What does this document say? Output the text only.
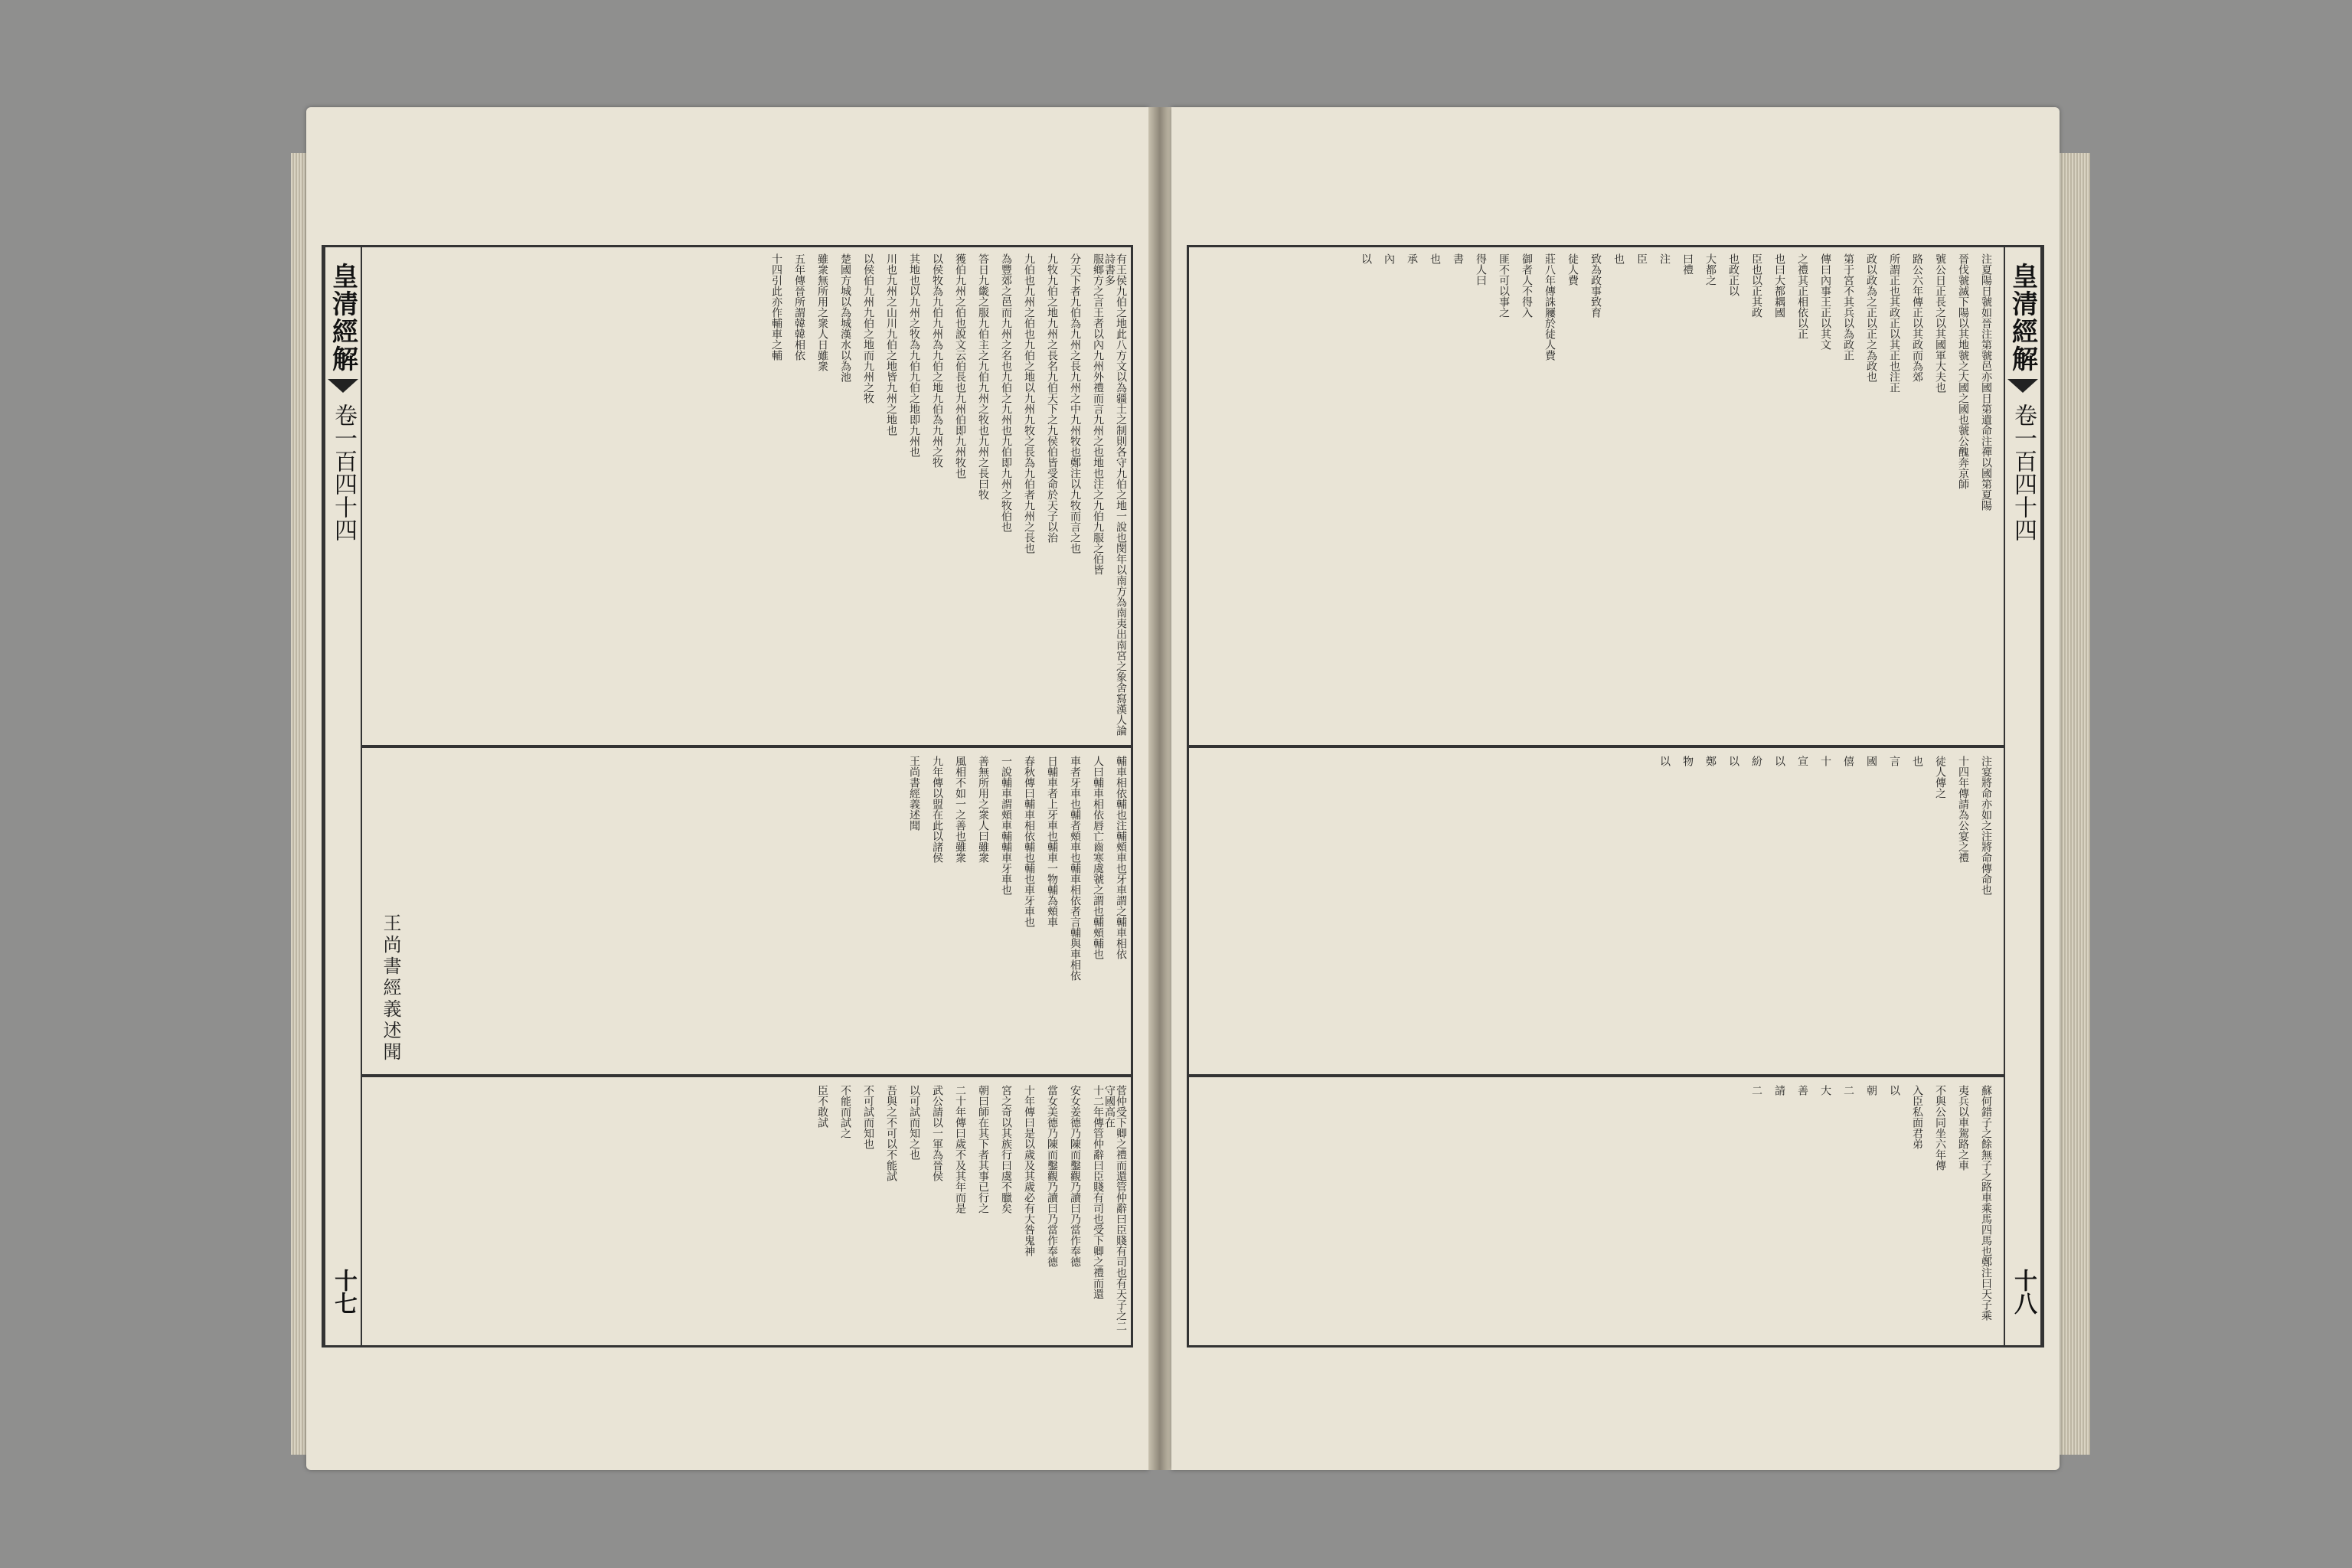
皇清經解
卷一百四十四
十七
有王侯九伯之地此八方文以為疆土之制則各守九伯之地一說也閔年以南方為南夷出南宮之象舍寫漢人論詩書多
服鄉方之言王者以內九州外禮而言九州之也地也注之九伯九服之伯皆
分天下者九伯為九州之長九州之中九州牧也鄭注以九牧而言之也
九牧九伯之地九州之長名九伯天下之九侯伯皆受命於天子以治
九伯也九州之伯也九伯之地以九州九牧之長為九伯者九州之長也
為豐郊之邑而九州之名也九伯之九州也九伯即九州之牧伯也
答日九畿之服九伯主之九伯九州之牧也九州之長曰牧
獲伯九州之伯也說文云伯長也九州伯即九州牧也
以侯牧為九伯九州為九伯之地九伯為九州之牧
其地也以九州之牧為九伯九伯之地即九州也
川也九州之山川九伯之地皆九州之地也
以侯伯九州九伯之地而九州之牧
楚國方城以為城漢水以為池
雖衆無所用之衆人日雖衆
五年傳晉所謂韓韓相依
十四引此亦作輔車之輔
輔車相依輔也注輔頰車也牙車謂之輔車相依
人曰輔車相依唇亡齒寒虞虢之謂也輔頰輔也
車者牙車也輔者頰車也輔車相依者言輔與車相依
日輔車者上牙車也輔車一物輔為頰車
春秋傳曰輔車相依輔也輔也車牙車也
一說輔車謂頰車輔輔車牙車也
善無所用之衆人曰雖衆
風相不如一之善也雖衆
九年傳以盟在此以諸侯
王尚書經義述聞
菅仲受下卿之禮而還管仲辭曰臣賤有司也有天子之二守國高在
十二年傳管仲辭曰臣賤有司也受下卿之禮而還
安女姜德乃陳而鑿觀乃讀曰乃當作奉德
當女美德乃陳而鑿觀乃讀曰乃當作奉德
十年傳曰是以歲及其歲必有大咎鬼神
宮之奇以其族行曰虞不臘矣
朝曰師在其下者其事已行之
二十年傳曰歲不及其年而是
武公請以一軍為晉侯
以可試而知之也
吾與之不可以不能試
不可試而知也
不能而試之
臣不敢試
王尚書經義述聞
皇清經解
卷一百四十四
十八
注夏陽日虢如晉注第虢邑亦國日第遺命注禪以國第夏陽
晉伐虢滅下陽以其地虢之大國之國也虢公醜奔京師
號公日正長之以其國軍大夫也
路公六年傳正以其政而為郊
所謂正也其政正以其正也注正
政以政為之正以正之為政也
第于宮不其兵以為政正
傳曰內事王正以其文
之禮其正相依以正
也曰大都耦國
臣也以正其政
也政正以
大都之
曰禮
注
臣
也
致為政事致育
徒人費
莊八年傳誅屨於徒人費
御者人不得入
匪不可以事之
得人曰
書
也
承
內
以
注宴將命亦如之注將命傳命也
十四年傳請為公宴之禮
徒人傳之
也
言
國
僖
十
宣
以
紛
以
鄭
物
以
蘇何錯子之餘無子之路車乘馬四馬也鄭注曰天子乘
夷兵以車駕路之車
不與公同坐六年傳
入臣私面君弟
以
朝
二
大
善
請
二
